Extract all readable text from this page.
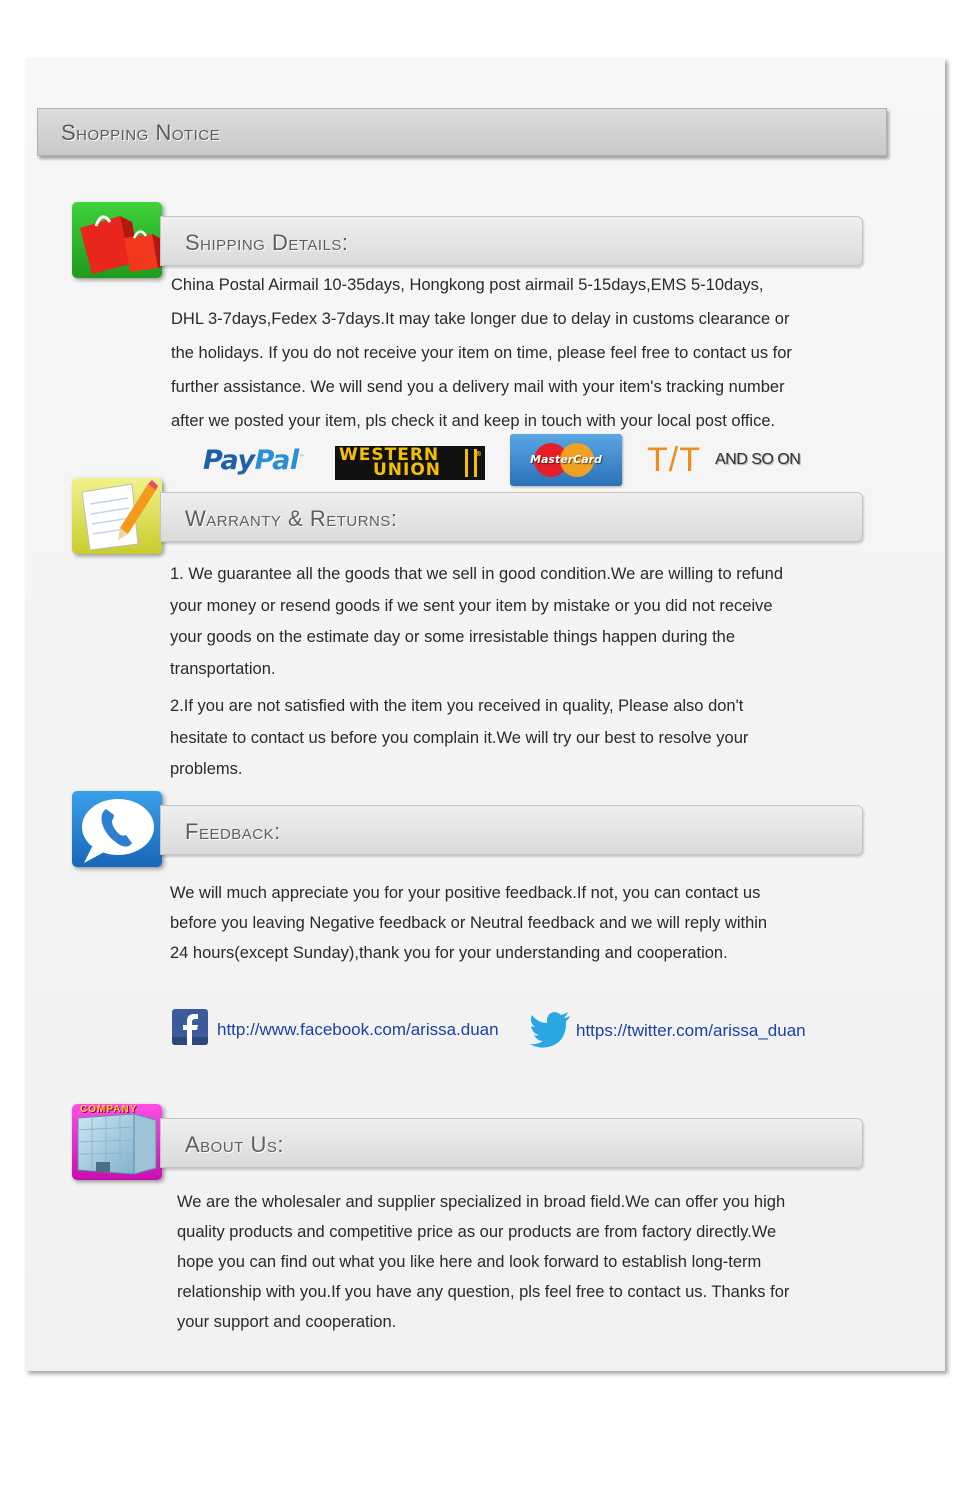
Shopping Notice
Shipping Details:

China Postal Airmail 10-35days, Hongkong post airmail 5-15days,EMS 5-10days,

DHL 3-7days,Fedex 3-7days.It may take longer due to delay in customs clearance or

the holidays. If you do not receive your item on time, please feel free to contact us for

further assistance. We will send you a delivery mail with your item's tracking number

after we posted your item, pls check it and keep in touch with your local post office.

PayPal™ WESTERN
UNION
®	MasterCard T/T AND SO ON
Warranty & Returns:

1. We guarantee all the goods that we sell in good condition.We are willing to refund

your money or resend goods if we sent your item by mistake or you did not receive

your goods on the estimate day or some irresistable things happen during the

transportation.

2.If you are not satisfied with the item you received in quality, Please also don't

hesitate to contact us before you complain it.We will try our best to resolve your

problems.

Feedback:

We will much appreciate you for your positive feedback.If not, you can contact us

before you leaving Negative feedback or Neutral feedback and we will reply within

24 hours(except Sunday),thank you for your understanding and cooperation.

http://www.facebook.com/arissa.duan	https://twitter.com/arissa_duan
COMPANY
About Us:

We are the wholesaler and supplier specialized in broad field.We can offer you high

quality products and competitive price as our products are from factory directly.We

hope you can find out what you like here and look forward to establish long-term

relationship with you.If you have any question, pls feel free to contact us. Thanks for

your support and cooperation.
